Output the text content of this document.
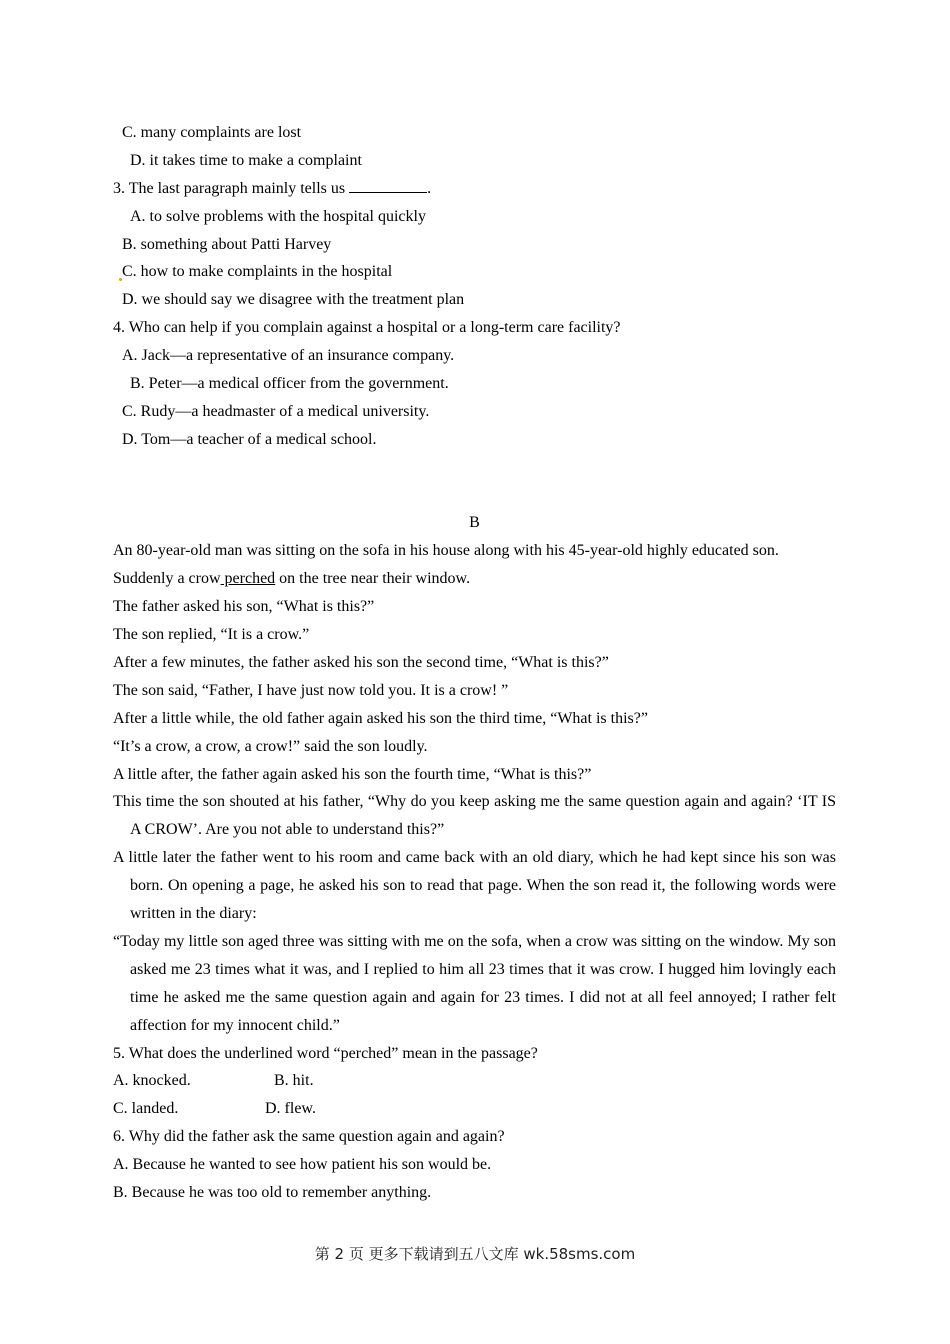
C. many complaints are lost
D. it takes time to make a complaint
3. The last paragraph mainly tells us	.
A. to solve problems with the hospital quickly
B. something about Patti Harvey
C. how to make complaints in the hospital
D. we should say we disagree with the treatment plan
4. Who can help if you complain against a hospital or a long-term care facility?
A. Jack—a representative of an insurance company.
B. Peter—a medical officer from the government.
C. Rudy—a headmaster of a medical university.
D. Tom—a teacher of a medical school.
B
An 80-year-old man was sitting on the sofa in his house along with his 45-year-old highly educated son.
Suddenly a crow perched on the tree near their window.
The father asked his son, “What is this?”
The son replied, “It is a crow.”
After a few minutes, the father asked his son the second time, “What is this?”
The son said, “Father, I have just now told you. It is a crow! ”
After a little while, the old father again asked his son the third time, “What is this?”
“It’s a crow, a crow, a crow!” said the son loudly.
A little after, the father again asked his son the fourth time, “What is this?”
This time the son shouted at his father, “Why do you keep asking me the same question again and again? ‘IT IS A CROW’. Are you not able to understand this?”
A little later the father went to his room and came back with an old diary, which he had kept since his son was born. On opening a page, he asked his son to read that page. When the son read it, the following words were written in the diary:
“Today my little son aged three was sitting with me on the sofa, when a crow was sitting on the window. My son asked me 23 times what it was, and I replied to him all 23 times that it was crow. I hugged him lovingly each time he asked me the same question again and again for 23 times. I did not at all feel annoyed; I rather felt affection for my innocent child.”
5. What does the underlined word “perched” mean in the passage?
A. knocked.	B. hit.
C. landed.	D. flew.
6. Why did the father ask the same question again and again?
A. Because he wanted to see how patient his son would be.
B. Because he was too old to remember anything.
第 2 页 更多下载请到五八文库 wk.58sms.com
